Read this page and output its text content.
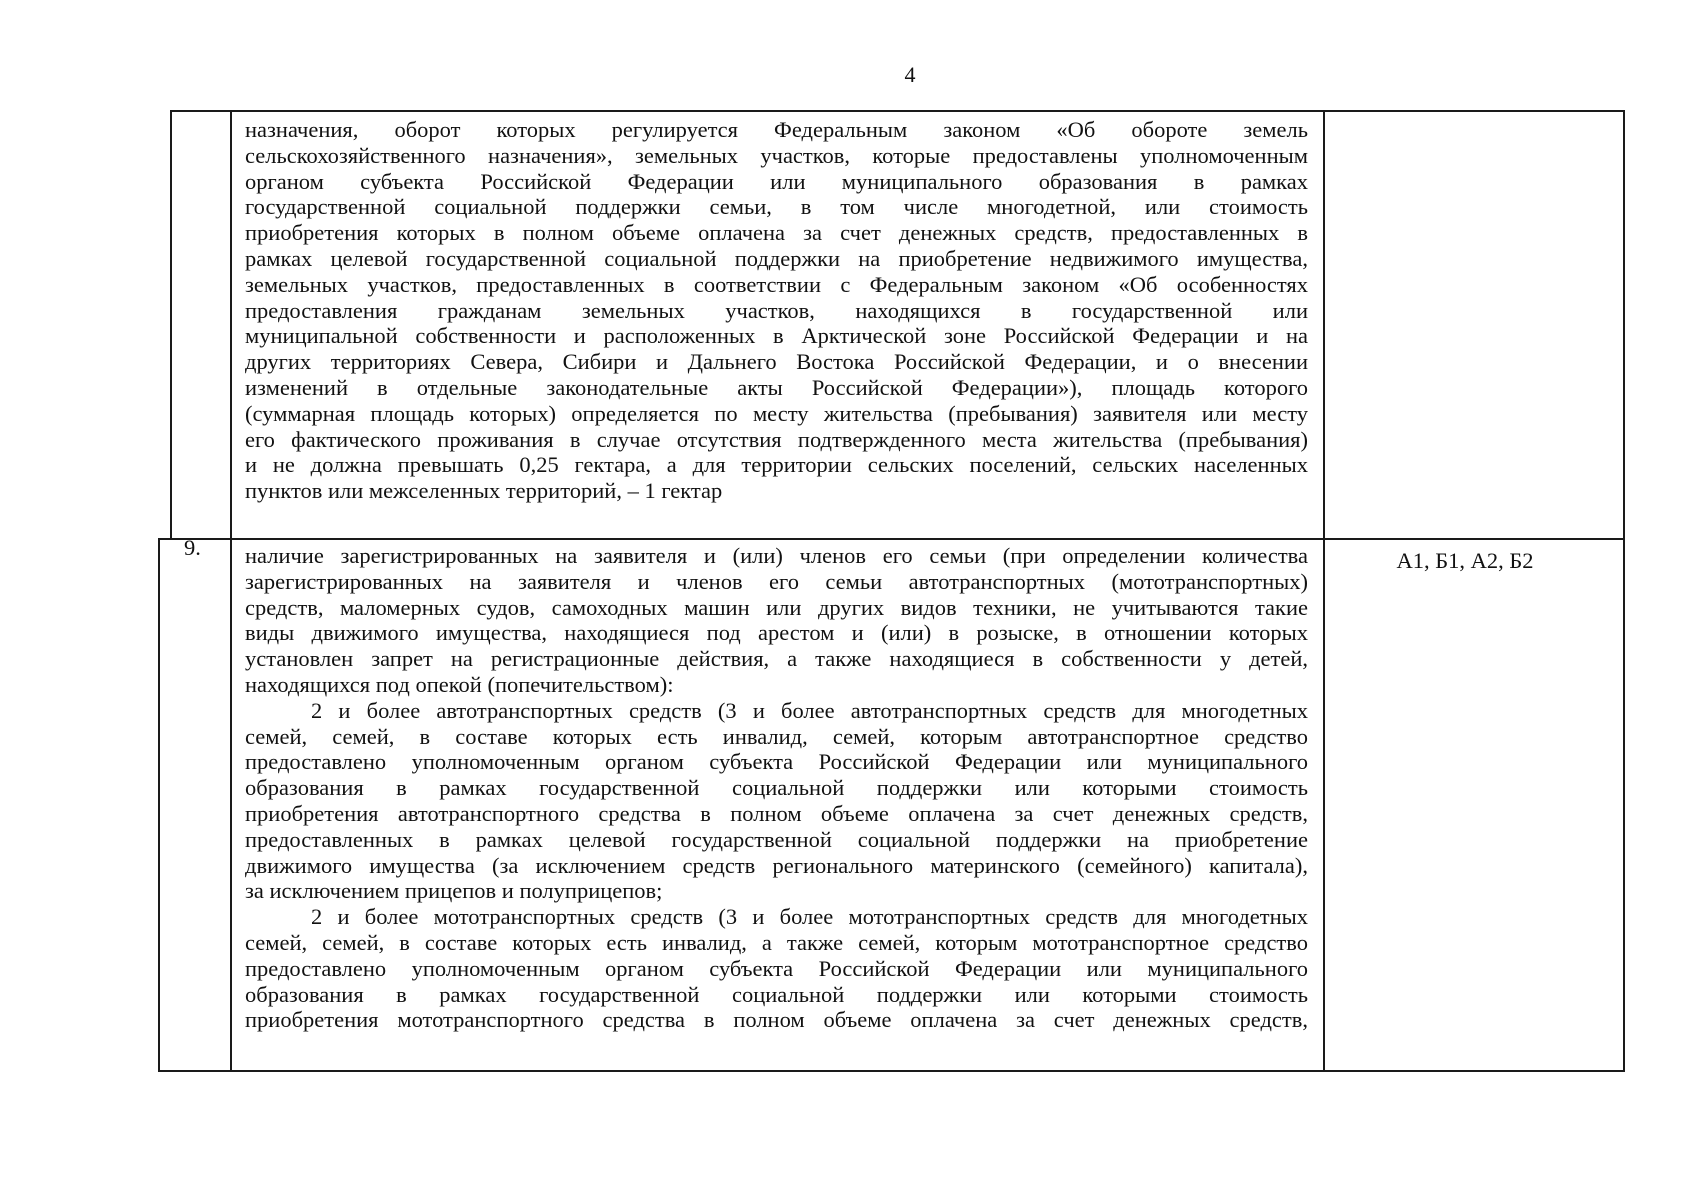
4
назначения, оборот которых регулируется Федеральным законом «Об обороте земель
сельскохозяйственного назначения», земельных участков, которые предоставлены уполномоченным
органом субъекта Российской Федерации или муниципального образования в рамках
государственной социальной поддержки семьи, в том числе многодетной, или стоимость
приобретения которых в полном объеме оплачена за счет денежных средств, предоставленных в
рамках целевой государственной социальной поддержки на приобретение недвижимого имущества,
земельных участков, предоставленных в соответствии с Федеральным законом «Об особенностях
предоставления гражданам земельных участков, находящихся в государственной или
муниципальной собственности и расположенных в Арктической зоне Российской Федерации и на
других территориях Севера, Сибири и Дальнего Востока Российской Федерации, и о внесении
изменений в отдельные законодательные акты Российской Федерации»), площадь которого
(суммарная площадь которых) определяется по месту жительства (пребывания) заявителя или месту
его фактического проживания в случае отсутствия подтвержденного места жительства (пребывания)
и не должна превышать 0,25 гектара, а для территории сельских поселений, сельских населенных
пунктов или межселенных территорий, – 1 гектар
9. наличие зарегистрированных на заявителя и (или) членов его семьи (при определении количества
зарегистрированных на заявителя и членов его семьи автотранспортных (мототранспортных)
средств, маломерных судов, самоходных машин или других видов техники, не учитываются такие
виды движимого имущества, находящиеся под арестом и (или) в розыске, в отношении которых
установлен запрет на регистрационные действия, а также находящиеся в собственности у детей,
находящихся под опекой (попечительством):
2 и более автотранспортных средств (3 и более автотранспортных средств для многодетных
семей, семей, в составе которых есть инвалид, семей, которым автотранспортное средство
предоставлено уполномоченным органом субъекта Российской Федерации или муниципального
образования в рамках государственной социальной поддержки или которыми стоимость
приобретения автотранспортного средства в полном объеме оплачена за счет денежных средств,
предоставленных в рамках целевой государственной социальной поддержки на приобретение
движимого имущества (за исключением средств регионального материнского (семейного) капитала),
за исключением прицепов и полуприцепов;
2 и более мототранспортных средств (3 и более мототранспортных средств для многодетных
семей, семей, в составе которых есть инвалид, а также семей, которым мототранспортное средство
предоставлено уполномоченным органом субъекта Российской Федерации или муниципального
образования в рамках государственной социальной поддержки или которыми стоимость
приобретения мототранспортного средства в полном объеме оплачена за счет денежных средств,
А1, Б1, А2, Б2
